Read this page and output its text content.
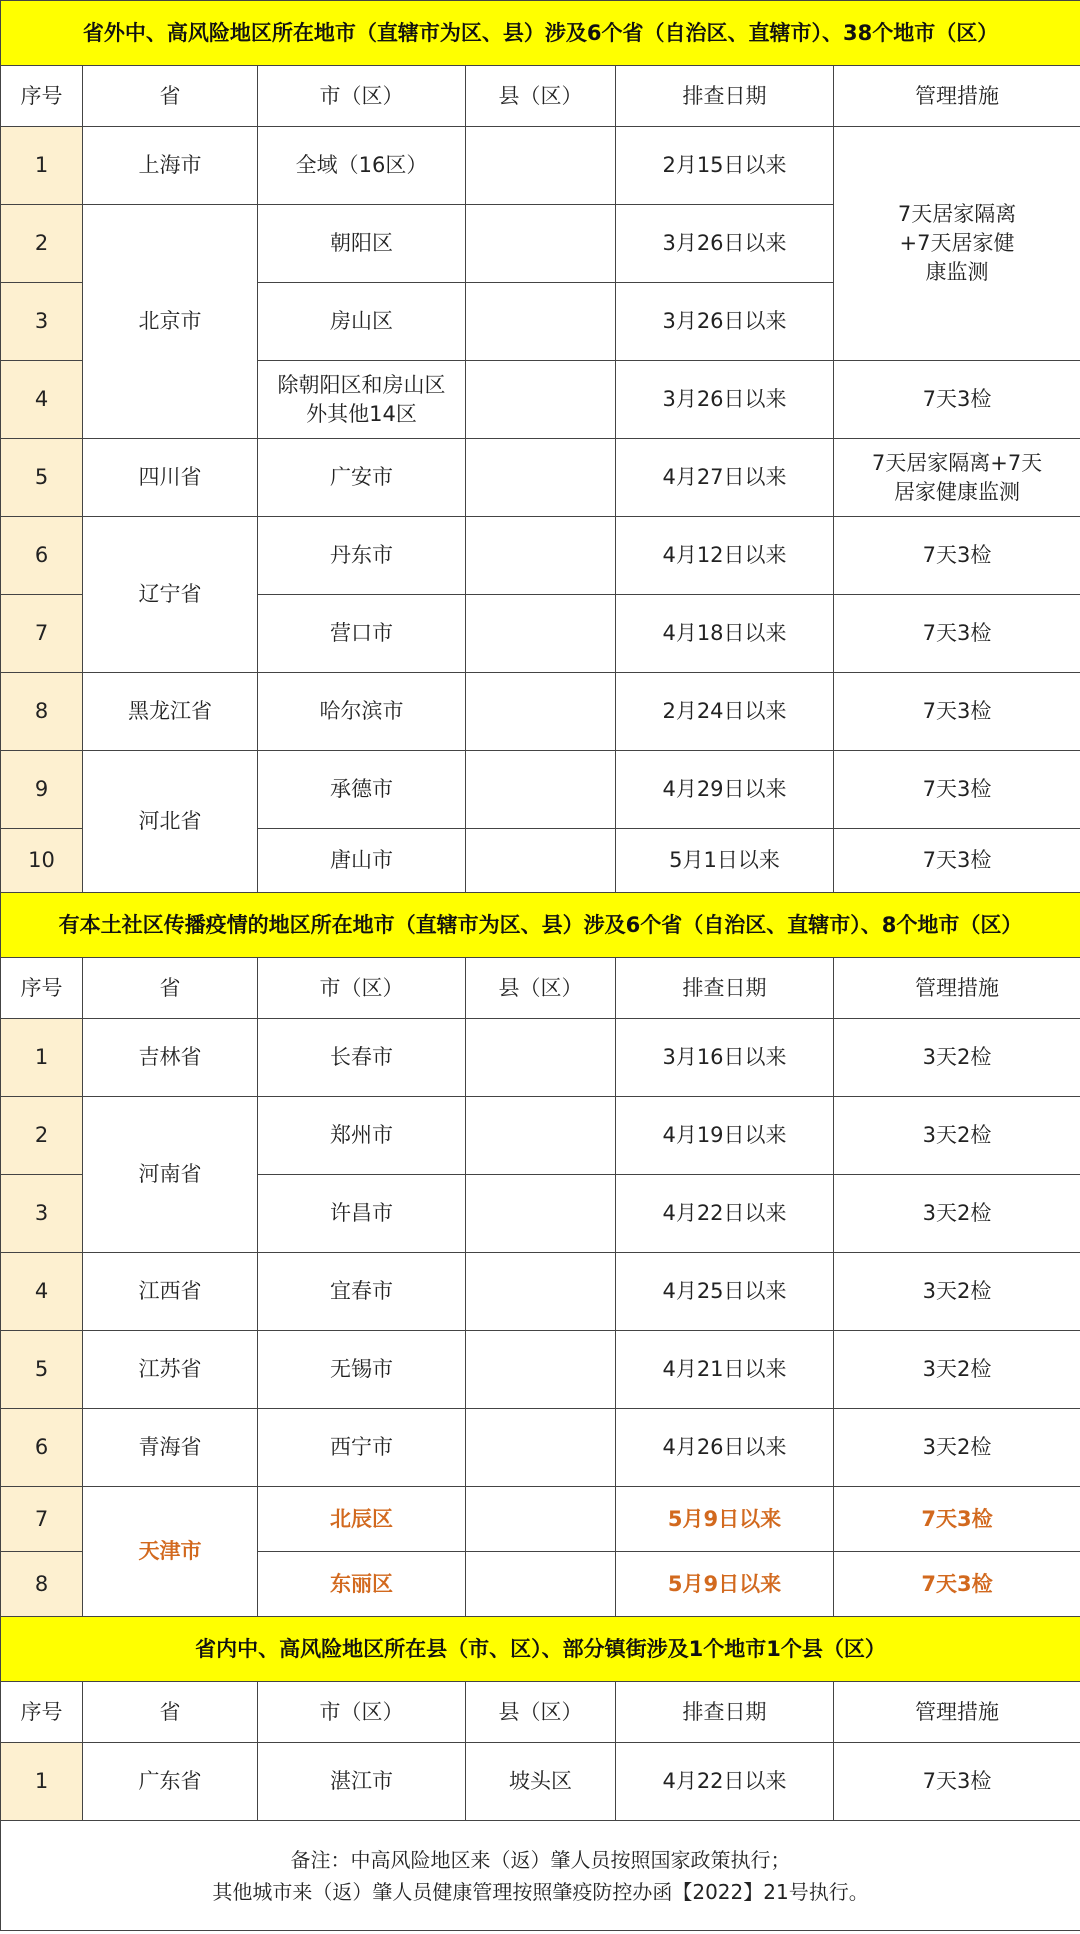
省外中、高风险地区所在地市（直辖市为区、县）涉及6个省（自治区、直辖市）、38个地市（区）					
序号	省	市（区）	县（区）	排查日期	管理措施
1	上海市	全域（16区）		2月15日以来	7天居家隔离+7天居家健康监测
2	北京市	朝阳区		3月26日以来	
3		房山区		3月26日以来	
4		除朝阳区和房山区外其他14区		3月26日以来	7天3检
5	四川省	广安市		4月27日以来	7天居家隔离+7天居家健康监测
6	辽宁省	丹东市		4月12日以来	7天3检
7		营口市		4月18日以来	7天3检
8	黑龙江省	哈尔滨市		2月24日以来	7天3检
9	河北省	承德市		4月29日以来	7天3检
10		唐山市		5月1日以来	7天3检
有本土社区传播疫情的地区所在地市（直辖市为区、县）涉及6个省（自治区、直辖市）、8个地市（区）					
序号	省	市（区）	县（区）	排查日期	管理措施
1	吉林省	长春市		3月16日以来	3天2检
2	河南省	郑州市		4月19日以来	3天2检
3		许昌市		4月22日以来	3天2检
4	江西省	宜春市		4月25日以来	3天2检
5	江苏省	无锡市		4月21日以来	3天2检
6	青海省	西宁市		4月26日以来	3天2检
7	天津市	北辰区		5月9日以来	7天3检
8		东丽区		5月9日以来	7天3检
省内中、高风险地区所在县（市、区）、部分镇街涉及1个地市1个县（区）					
序号	省	市（区）	县（区）	排查日期	管理措施
1	广东省	湛江市	坡头区	4月22日以来	7天3检

备注：中高风险地区来（返）肇人员按照国家政策执行；
其他城市来（返）肇人员健康管理按照肇疫防控办函【2022】21号执行。					
